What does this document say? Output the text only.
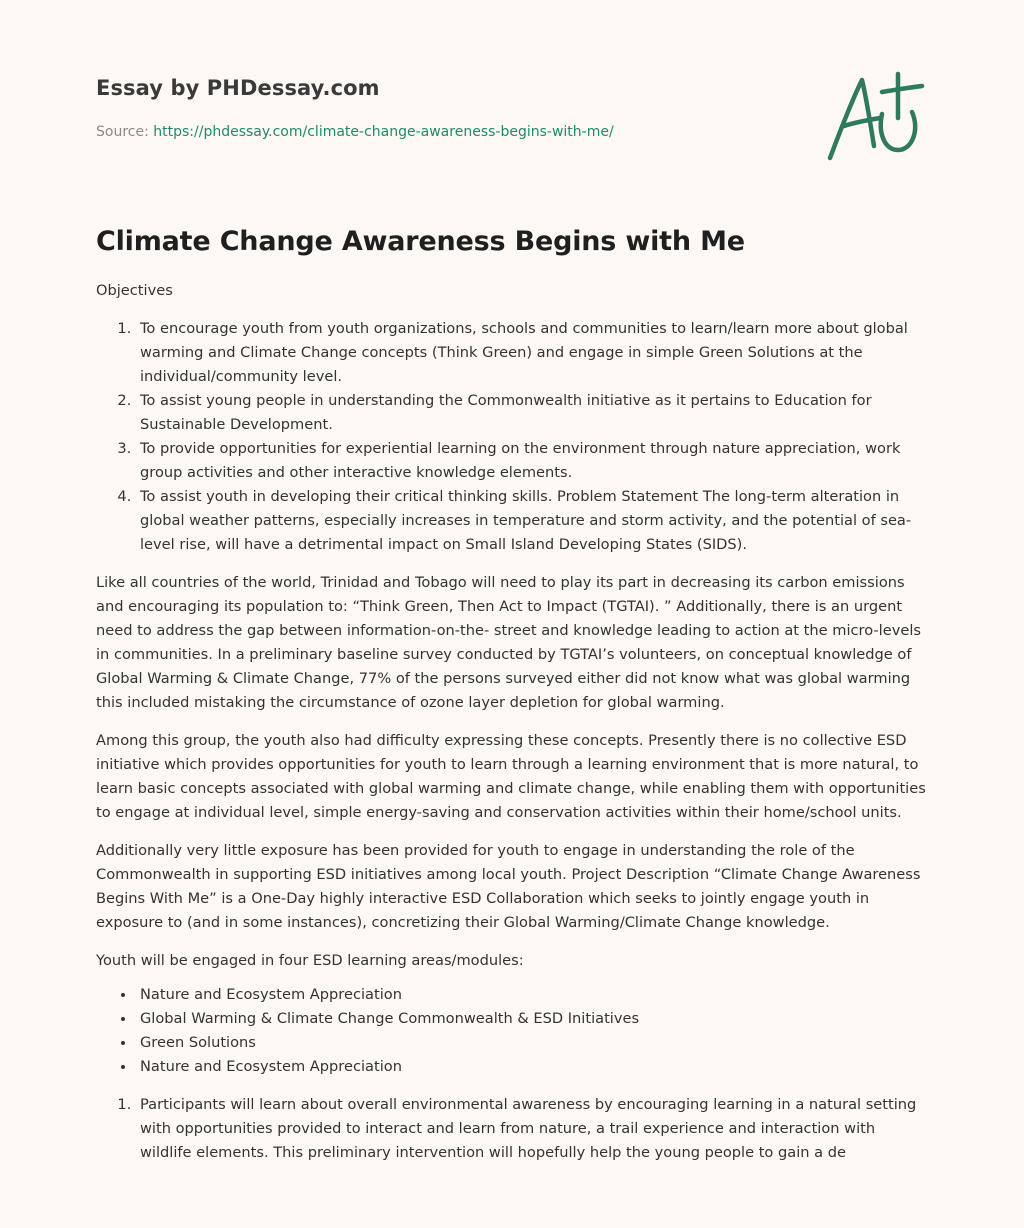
Essay by PHDessay.com
Source: https://phdessay.com/climate-change-awareness-begins-with-me/
Climate Change Awareness Begins with Me

Objectives

1. To encourage youth from youth organizations, schools and communities to learn/learn more about global warming and Climate Change concepts (Think Green) and engage in simple Green Solutions at the individual/community level.
2. To assist young people in understanding the Commonwealth initiative as it pertains to Education for Sustainable Development.
3. To provide opportunities for experiential learning on the environment through nature appreciation, work group activities and other interactive knowledge elements.
4. To assist youth in developing their critical thinking skills. Problem Statement The long-term alteration in global weather patterns, especially increases in temperature and storm activity, and the potential of sea-level rise, will have a detrimental impact on Small Island Developing States (SIDS).

Like all countries of the world, Trinidad and Tobago will need to play its part in decreasing its carbon emissions and encouraging its population to: “Think Green, Then Act to Impact (TGTAI). ” Additionally, there is an urgent need to address the gap between information-on-the- street and knowledge leading to action at the micro-levels in communities. In a preliminary baseline survey conducted by TGTAI’s volunteers, on conceptual knowledge of Global Warming & Climate Change, 77% of the persons surveyed either did not know what was global warming this included mistaking the circumstance of ozone layer depletion for global warming.

Among this group, the youth also had difficulty expressing these concepts. Presently there is no collective ESD initiative which provides opportunities for youth to learn through a learning environment that is more natural, to learn basic concepts associated with global warming and climate change, while enabling them with opportunities to engage at individual level, simple energy-saving and conservation activities within their home/school units.

Additionally very little exposure has been provided for youth to engage in understanding the role of the Commonwealth in supporting ESD initiatives among local youth. Project Description “Climate Change Awareness Begins With Me” is a One-Day highly interactive ESD Collaboration which seeks to jointly engage youth in exposure to (and in some instances), concretizing their Global Warming/Climate Change knowledge.

Youth will be engaged in four ESD learning areas/modules:

• Nature and Ecosystem Appreciation
• Global Warming & Climate Change Commonwealth & ESD Initiatives
• Green Solutions
• Nature and Ecosystem Appreciation
1. Participants will learn about overall environmental awareness by encouraging learning in a natural setting with opportunities provided to interact and learn from nature, a trail experience and interaction with wildlife elements. This preliminary intervention will hopefully help the young people to gain a de
